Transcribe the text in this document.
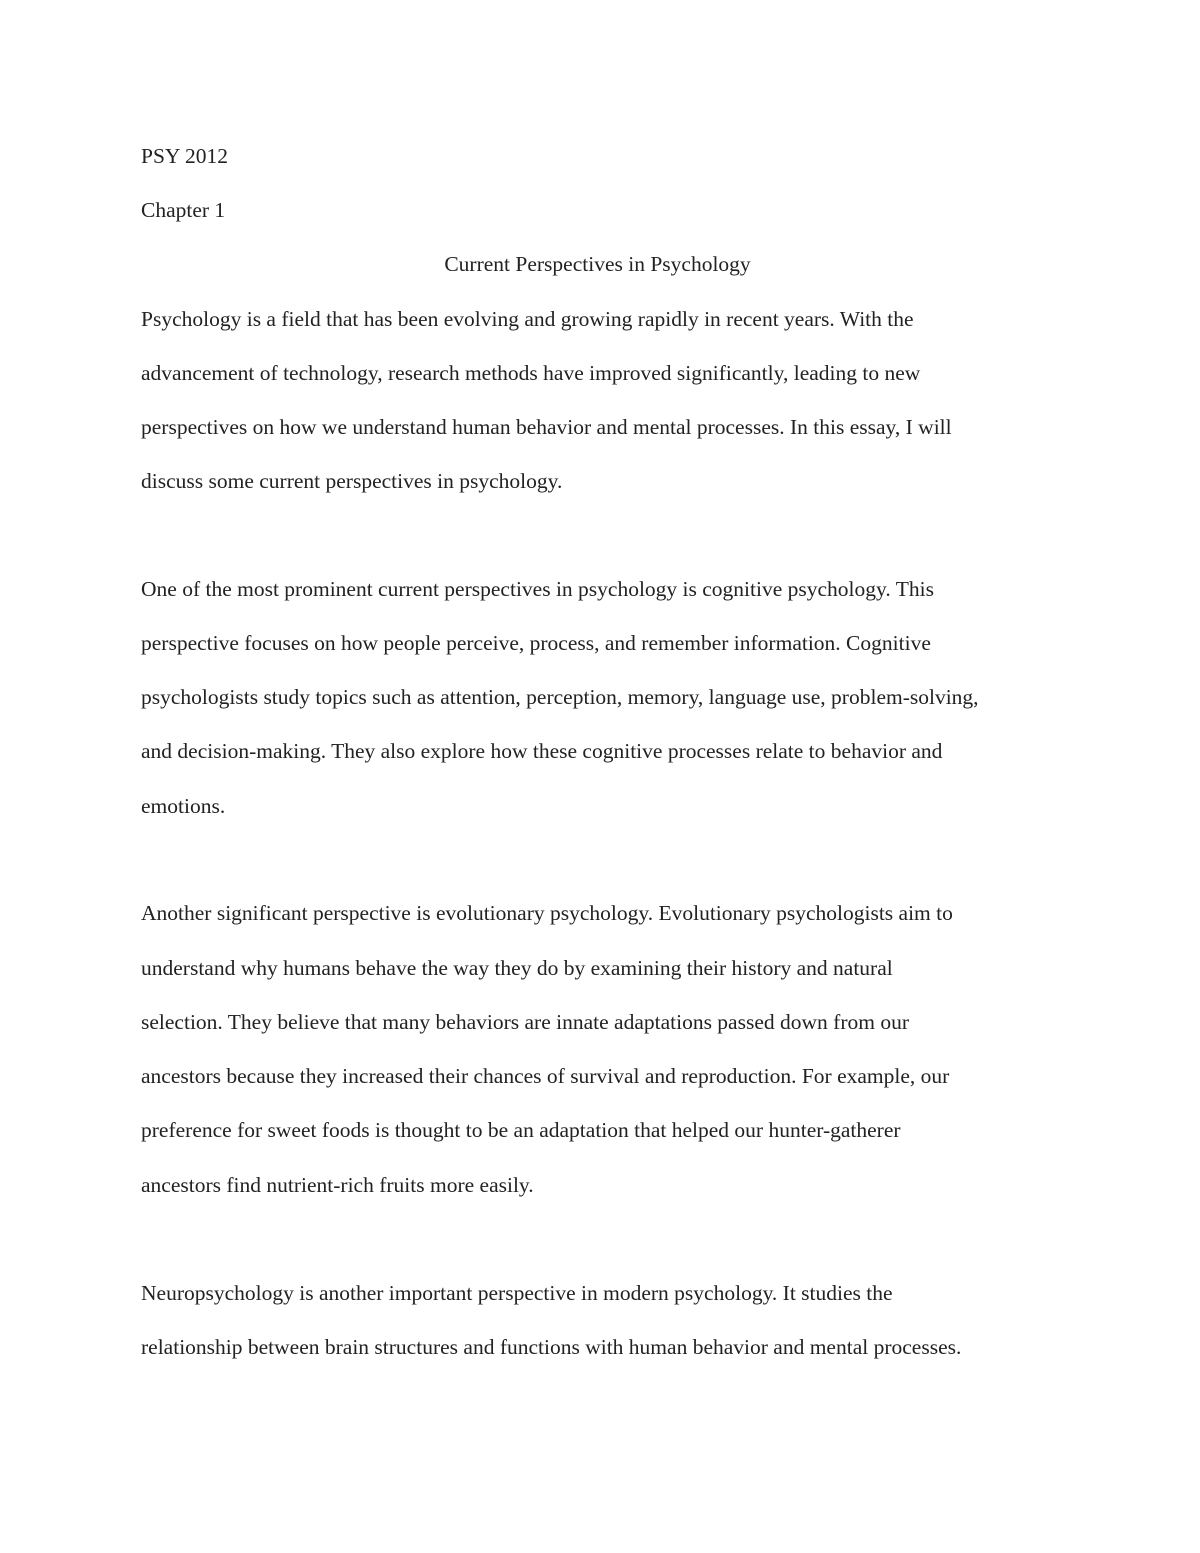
PSY 2012
Chapter 1
Current Perspectives in Psychology
Psychology is a field that has been evolving and growing rapidly in recent years. With the
advancement of technology, research methods have improved significantly, leading to new
perspectives on how we understand human behavior and mental processes. In this essay, I will
discuss some current perspectives in psychology.
One of the most prominent current perspectives in psychology is cognitive psychology. This
perspective focuses on how people perceive, process, and remember information. Cognitive
psychologists study topics such as attention, perception, memory, language use, problem-solving,
and decision-making. They also explore how these cognitive processes relate to behavior and
emotions.
Another significant perspective is evolutionary psychology. Evolutionary psychologists aim to
understand why humans behave the way they do by examining their history and natural
selection. They believe that many behaviors are innate adaptations passed down from our
ancestors because they increased their chances of survival and reproduction. For example, our
preference for sweet foods is thought to be an adaptation that helped our hunter-gatherer
ancestors find nutrient-rich fruits more easily.
Neuropsychology is another important perspective in modern psychology. It studies the
relationship between brain structures and functions with human behavior and mental processes.
